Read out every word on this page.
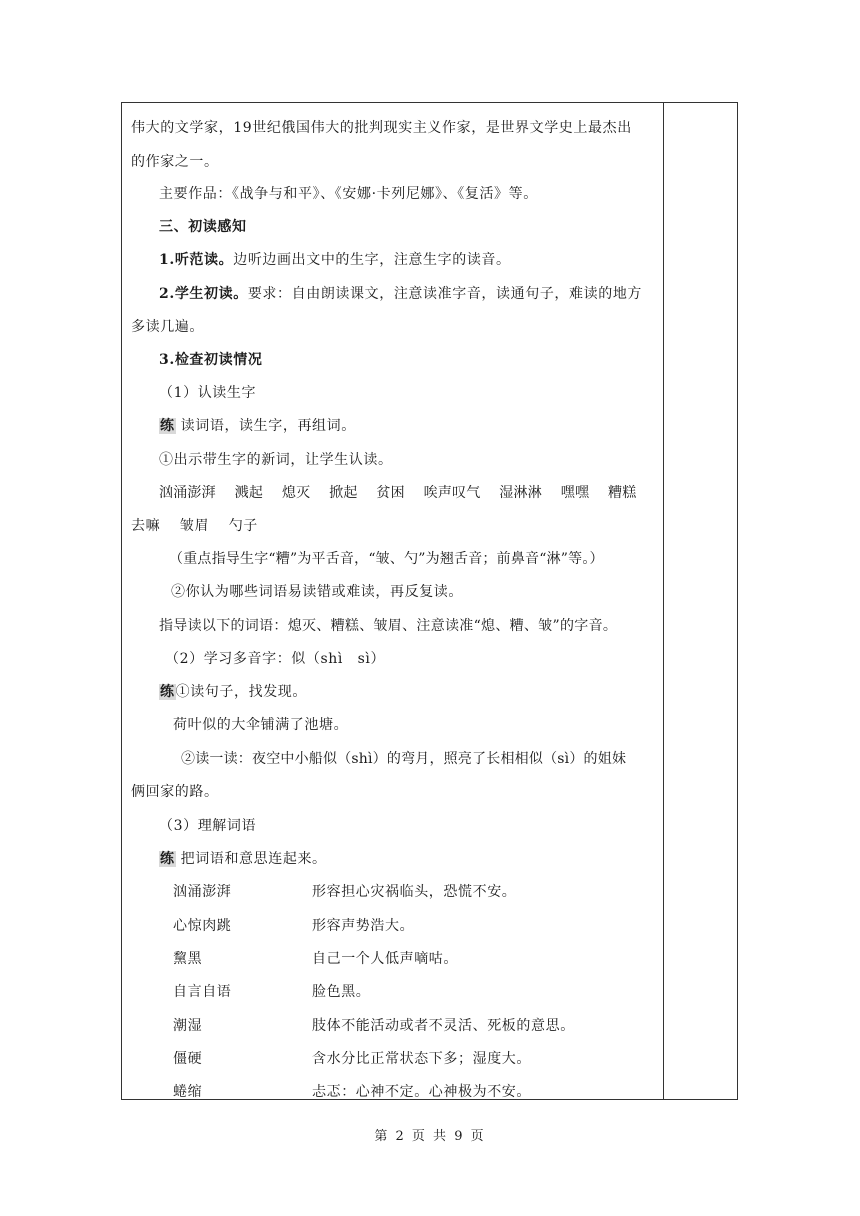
伟大的文学家，19世纪俄国伟大的批判现实主义作家，是世界文学史上最杰出
的作家之一。
主要作品：《战争与和平》、《安娜·卡列尼娜》、《复活》等。
三、初读感知
1.听范读。边听边画出文中的生字，注意生字的读音。
2.学生初读。要求：自由朗读课文，注意读准字音，读通句子，难读的地方
多读几遍。
3.检查初读情况
（1）认读生字
练 读词语，读生字，再组词。
①出示带生字的新词，让学生认读。
汹涌澎湃　 溅起　 熄灭　 掀起　 贫困　 唉声叹气　 湿淋淋　 嘿嘿　 糟糕
去嘛　 皱眉　 勺子
（重点指导生字“糟”为平舌音，“皱、勺”为翘舌音；前鼻音“淋”等。）
②你认为哪些词语易读错或难读，再反复读。
指导读以下的词语：熄灭、糟糕、皱眉、注意读准“熄、糟、皱”的字音。
（2）学习多音字：似（shì　sì）
练①读句子，找发现。
荷叶似的大伞铺满了池塘。
②读一读：夜空中小船似（shì）的弯月，照亮了长相相似（sì）的姐妹
俩回家的路。
（3）理解词语
练 把词语和意思连起来。
汹涌澎湃	形容担心灾祸临头，恐慌不安。
心惊肉跳	形容声势浩大。
黧黑	自己一个人低声嘀咕。
自言自语	脸色黑。
潮湿	肢体不能活动或者不灵活、死板的意思。
僵硬	含水分比正常状态下多；湿度大。
蜷缩	忐忑：心神不定。心神极为不安。
第 2 页 共 9 页
